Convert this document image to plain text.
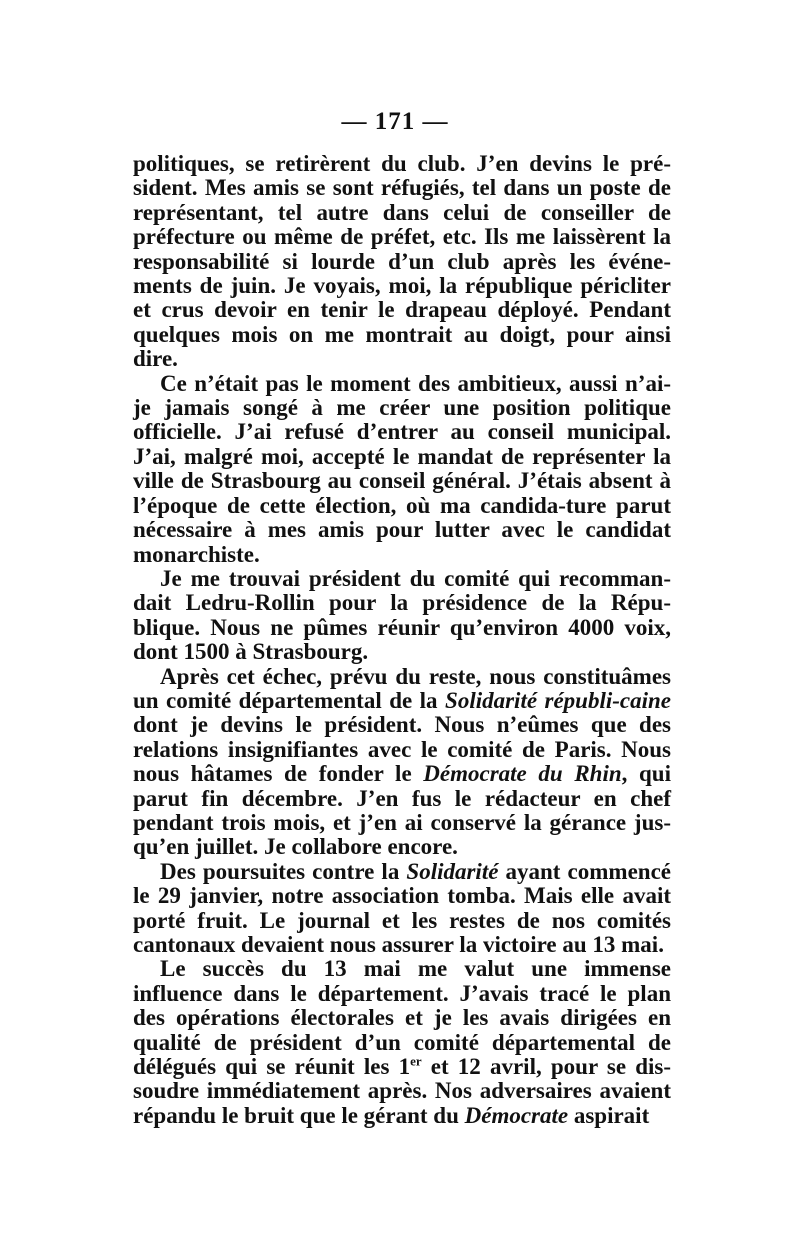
— 171 —

politiques, se retirèrent du club. J’en devins le pré-sident. Mes amis se sont réfugiés, tel dans un poste de représentant, tel autre dans celui de conseiller de préfecture ou même de préfet, etc. Ils me laissèrent la responsabilité si lourde d’un club après les événe-ments de juin. Je voyais, moi, la république péricliter et crus devoir en tenir le drapeau déployé. Pendant quelques mois on me montrait au doigt, pour ainsi dire.

Ce n’était pas le moment des ambitieux, aussi n’ai-je jamais songé à me créer une position politique officielle. J’ai refusé d’entrer au conseil municipal. J’ai, malgré moi, accepté le mandat de représenter la ville de Strasbourg au conseil général. J’étais absent à l’époque de cette élection, où ma candida-ture parut nécessaire à mes amis pour lutter avec le candidat monarchiste.

Je me trouvai président du comité qui recomman-dait Ledru-Rollin pour la présidence de la Répu-blique. Nous ne pûmes réunir qu’environ 4000 voix, dont 1500 à Strasbourg.

Après cet échec, prévu du reste, nous constituâmes un comité départemental de la Solidarité républi-caine dont je devins le président. Nous n’eûmes que des relations insignifiantes avec le comité de Paris. Nous nous hâtames de fonder le Démocrate du Rhin, qui parut fin décembre. J’en fus le rédacteur en chef pendant trois mois, et j’en ai conservé la gérance jus-qu’en juillet. Je collabore encore.

Des poursuites contre la Solidarité ayant commencé le 29 janvier, notre association tomba. Mais elle avait porté fruit. Le journal et les restes de nos comités cantonaux devaient nous assurer la victoire au 13 mai.

Le succès du 13 mai me valut une immense influence dans le département. J’avais tracé le plan des opérations électorales et je les avais dirigées en qualité de président d’un comité départemental de délégués qui se réunit les 1er et 12 avril, pour se dis-soudre immédiatement après. Nos adversaires avaient répandu le bruit que le gérant du Démocrate aspirait
